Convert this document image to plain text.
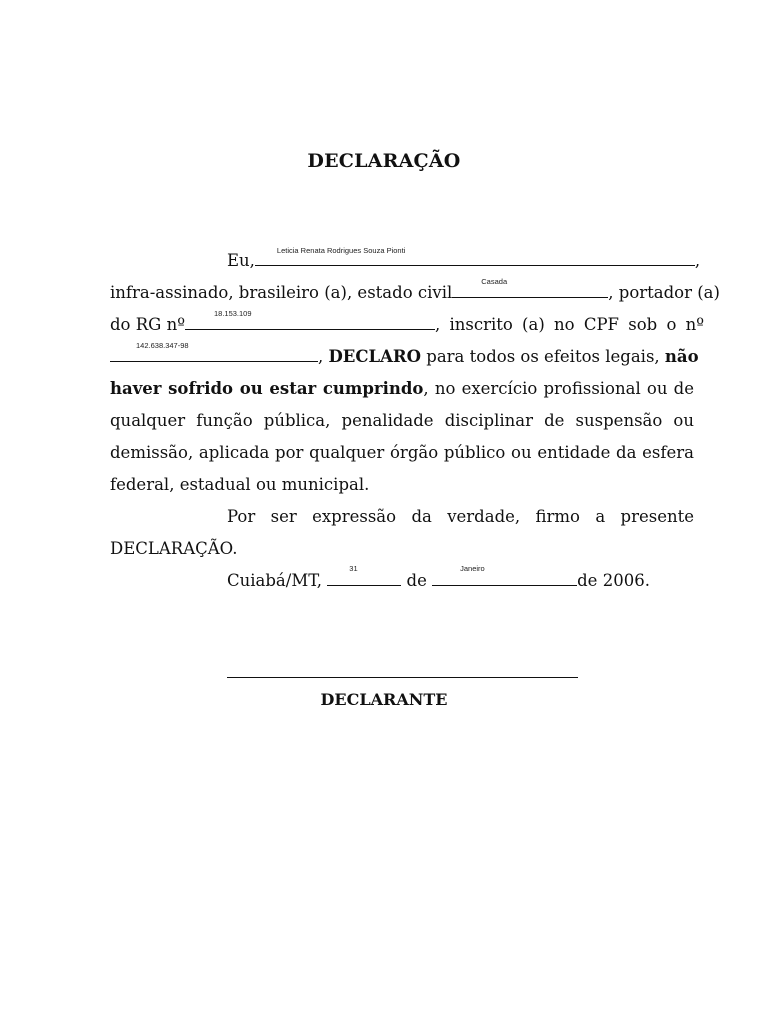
DECLARAÇÃO
Eu,
Leticia Renata Rodrigues Souza Pionti
,
infra-assinado, brasileiro (a), estado civil
Casada
, portador (a)
do RG nº
18.153.109
, inscrito (a) no CPF sob o nº
142.638.347-98
, DECLARO para todos os efeitos legais, não
haver sofrido ou estar cumprindo, no exercício profissional ou de
qualquer função pública, penalidade disciplinar de suspensão ou
demissão, aplicada por qualquer órgão público ou entidade da esfera
federal, estadual ou municipal.
Por ser expressão da verdade, firmo a presente
DECLARAÇÃO.
Cuiabá/MT,
31
de
Janeiro
de 2006.
DECLARANTE
